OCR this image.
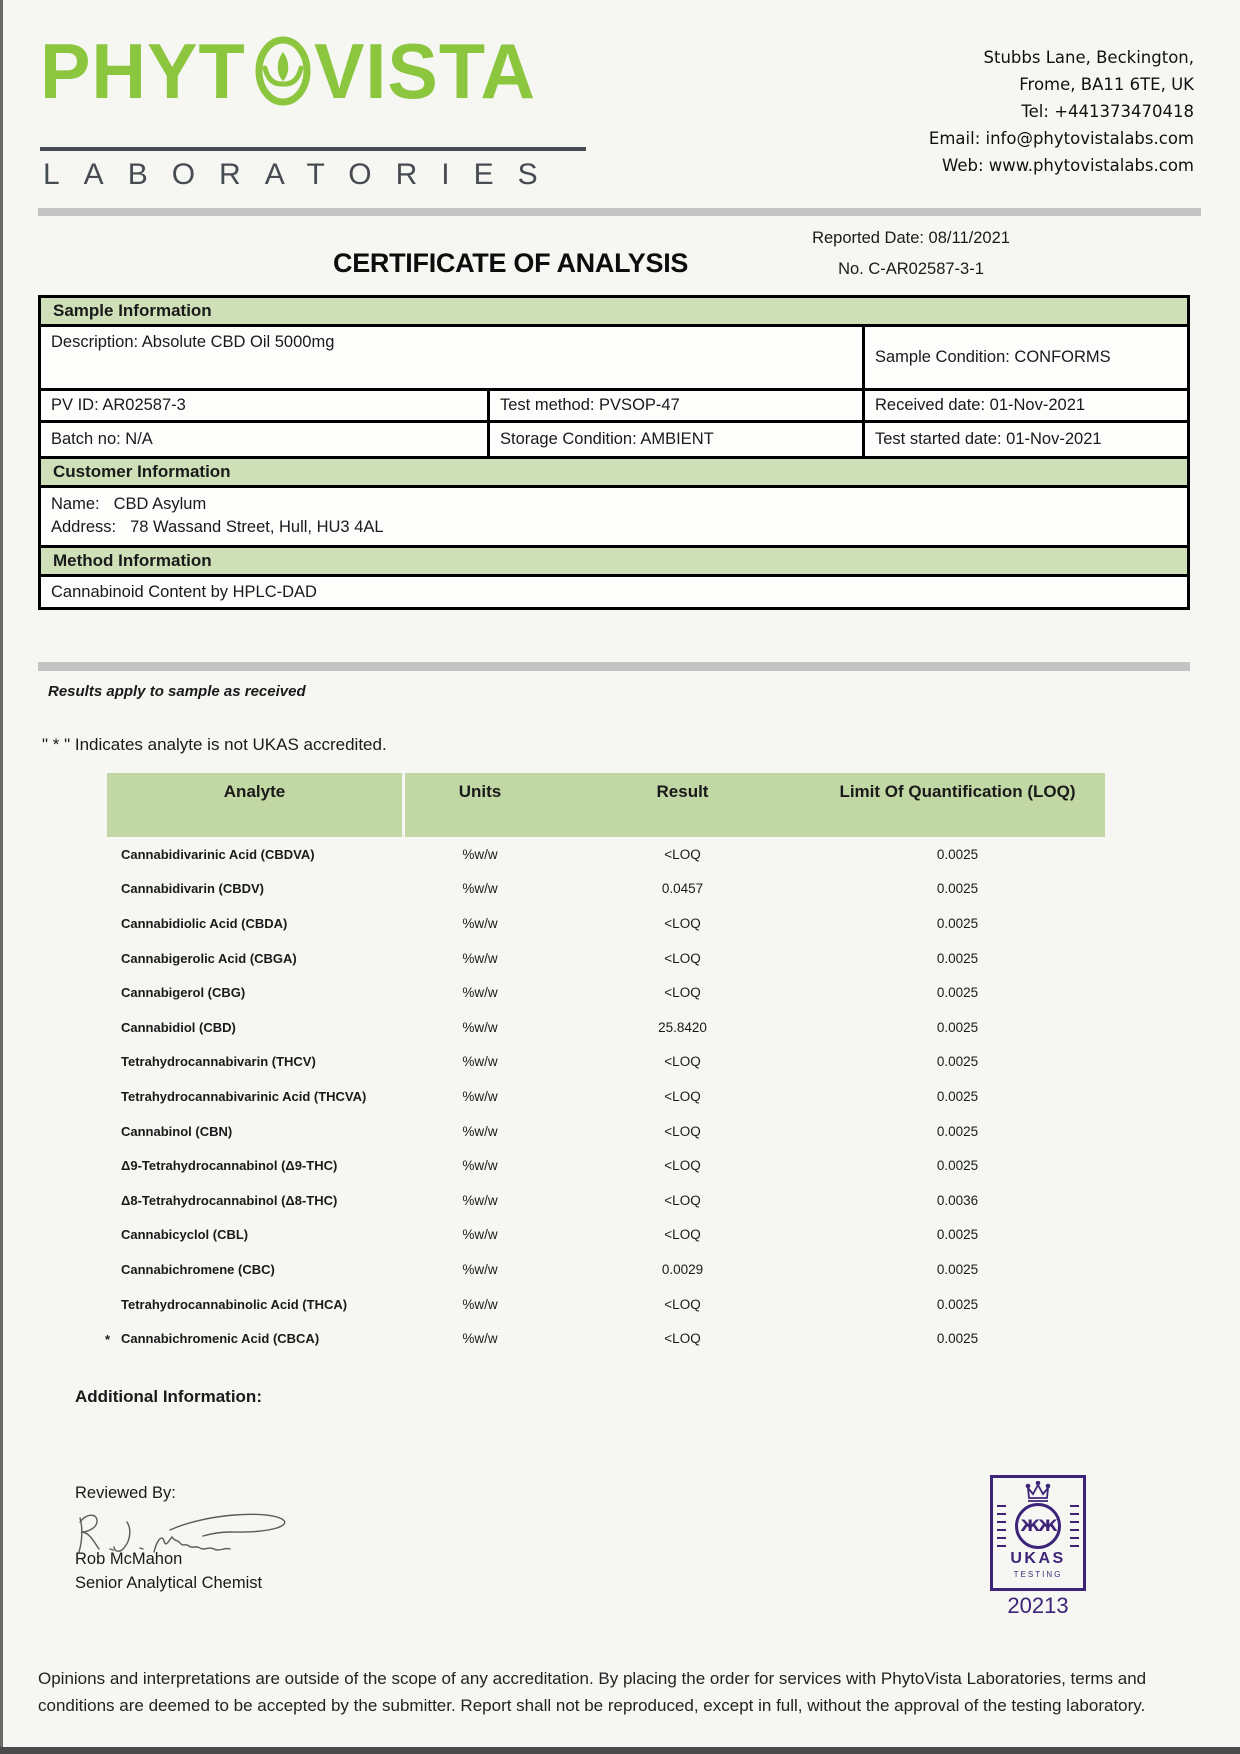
PHYT VISTA
LABORATORIES
Stubbs Lane, Beckington,
Frome, BA11 6TE, UK
Tel: +441373470418
Email: info@phytovistalabs.com
Web: www.phytovistalabs.com
Reported Date: 08/11/2021
No. C-AR02587-3-1
CERTIFICATE OF ANALYSIS
Sample Information
Description: Absolute CBD Oil 5000mg
Sample Condition: CONFORMS
PV ID: AR02587-3	Test method: PVSOP-47	Received date: 01-Nov-2021
Batch no: N/A	Storage Condition: AMBIENT	Test started date: 01-Nov-2021
Customer Information
Name: CBD Asylum
Address: 78 Wassand Street, Hull, HU3 4AL
Method Information
Cannabinoid Content by HPLC-DAD
Results apply to sample as received
" * " Indicates analyte is not UKAS accredited.
Analyte	Units	Result	Limit Of Quantification (LOQ)
Cannabidivarinic Acid (CBDVA)	%w/w	<LOQ	0.0025
Cannabidivarin (CBDV)	%w/w	0.0457	0.0025
Cannabidiolic Acid (CBDA)	%w/w	<LOQ	0.0025
Cannabigerolic Acid (CBGA)	%w/w	<LOQ	0.0025
Cannabigerol (CBG)	%w/w	<LOQ	0.0025
Cannabidiol (CBD)	%w/w	25.8420	0.0025
Tetrahydrocannabivarin (THCV)	%w/w	<LOQ	0.0025
Tetrahydrocannabivarinic Acid (THCVA)	%w/w	<LOQ	0.0025
Cannabinol (CBN)	%w/w	<LOQ	0.0025
Δ9-Tetrahydrocannabinol (Δ9-THC)	%w/w	<LOQ	0.0025
Δ8-Tetrahydrocannabinol (Δ8-THC)	%w/w	<LOQ	0.0036
Cannabicyclol (CBL)	%w/w	<LOQ	0.0025
Cannabichromene (CBC)	%w/w	0.0029	0.0025
Tetrahydrocannabinolic Acid (THCA)	%w/w	<LOQ	0.0025
* Cannabichromenic Acid (CBCA)	%w/w	<LOQ	0.0025
Additional Information:
Reviewed By:
Rob McMahon
Senior Analytical Chemist
ЖЖ
UKAS
TESTING
20213

Opinions and interpretations are outside of the scope of any accreditation. By placing the order for services with PhytoVista Laboratories, terms and conditions are deemed to be accepted by the submitter. Report shall not be reproduced, except in full, without the approval of the testing laboratory.
